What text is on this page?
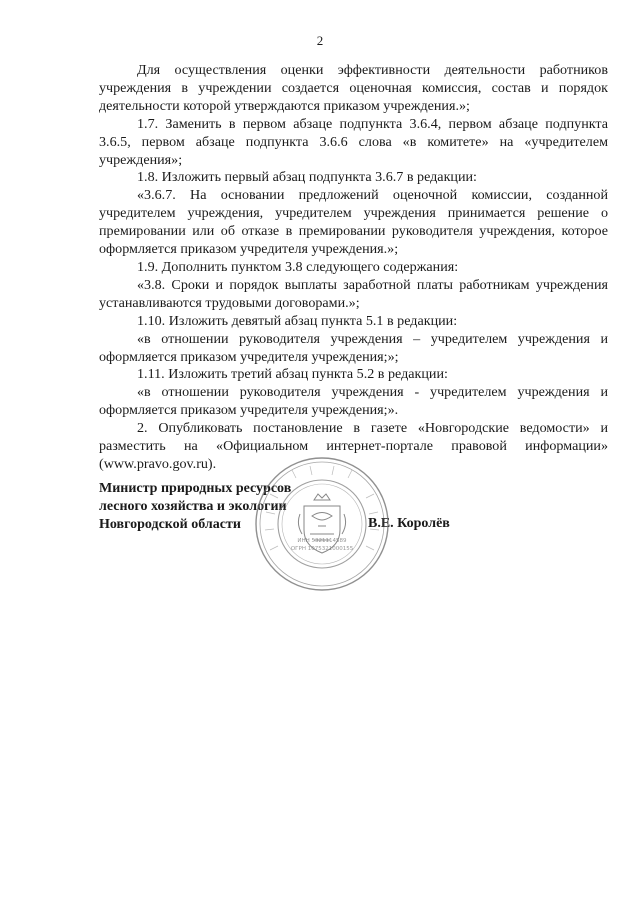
2

Для осуществления оценки эффективности деятельности работников учреждения в учреждении создается оценочная комиссия, состав и порядок деятельности которой утверждаются приказом учреждения.»;

1.7. Заменить в первом абзаце подпункта 3.6.4, первом абзаце подпункта 3.6.5, первом абзаце подпункта 3.6.6 слова «в комитете» на «учредителем учреждения»;

1.8. Изложить первый абзац подпункта 3.6.7 в редакции:

«3.6.7. На основании предложений оценочной комиссии, созданной учредителем учреждения, учредителем учреждения принимается решение о премировании или об отказе в премировании руководителя учреждения, которое оформляется приказом учредителя учреждения.»;

1.9. Дополнить пунктом 3.8 следующего содержания:

«3.8. Сроки и порядок выплаты заработной платы работникам учреждения устанавливаются трудовыми договорами.»;

1.10. Изложить девятый абзац пункта 5.1 в редакции:

«в отношении руководителя учреждения – учредителем учреждения и оформляется приказом учредителя учреждения;»;

1.11. Изложить третий абзац пункта 5.2 в редакции:

«в отношении руководителя учреждения - учредителем учреждения и оформляется приказом учредителя учреждения;».

2. Опубликовать постановление в газете «Новгородские ведомости» и разместить на «Официальном интернет-портале правовой информации» (www.pravo.gov.ru).

Министр природных ресурсов
лесного хозяйства и экологии
Новгородской области	В.Е. Королёв
ИНН 5321114589
ОГРН 1075321000155
